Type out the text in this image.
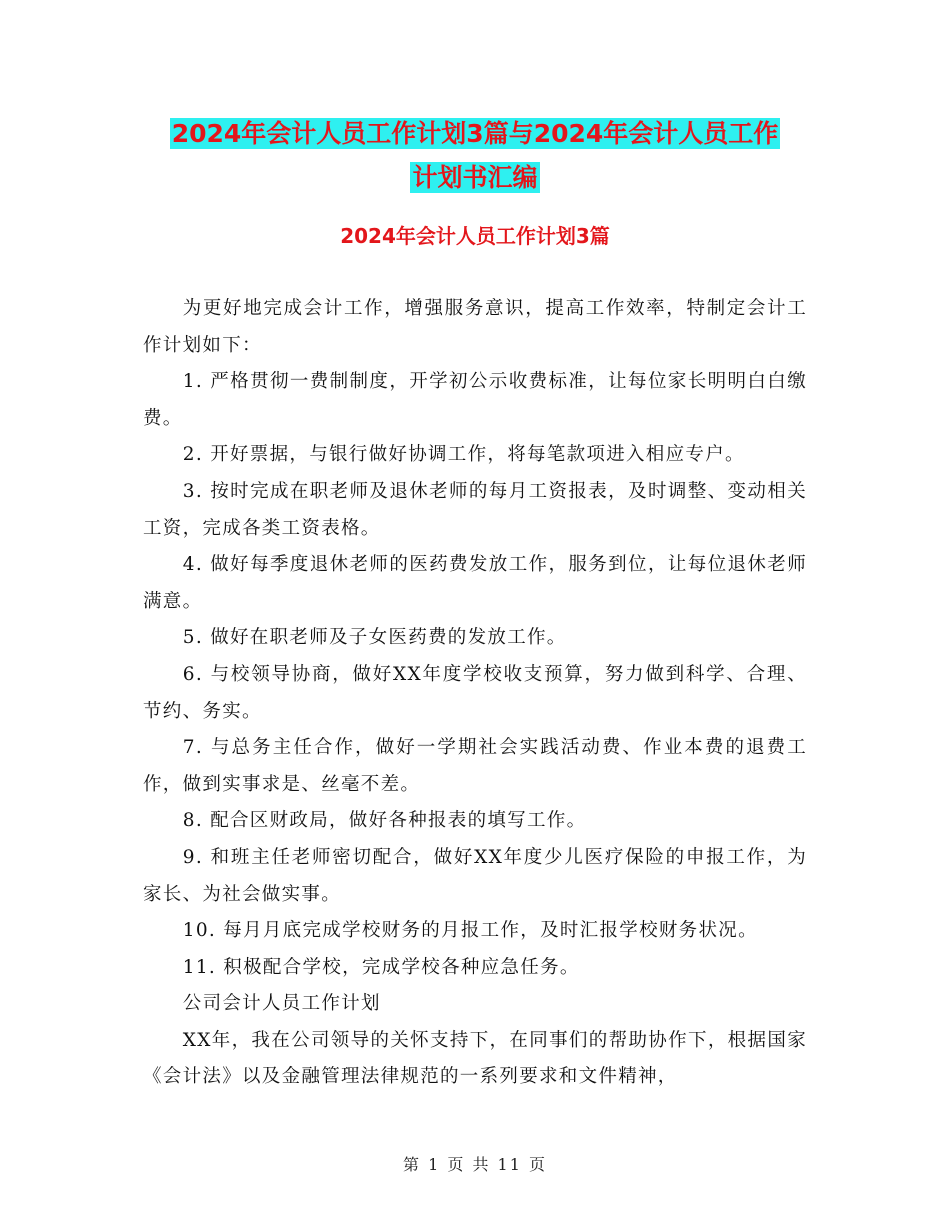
2024年会计人员工作计划3篇与2024年会计人员工作
计划书汇编
2024年会计人员工作计划3篇

为更好地完成会计工作，增强服务意识，提高工作效率，特制定会计工作计划如下：

1. 严格贯彻一费制制度，开学初公示收费标准，让每位家长明明白白缴费。

2. 开好票据，与银行做好协调工作，将每笔款项进入相应专户。

3. 按时完成在职老师及退休老师的每月工资报表，及时调整、变动相关工资，完成各类工资表格。

4. 做好每季度退休老师的医药费发放工作，服务到位，让每位退休老师满意。

5. 做好在职老师及子女医药费的发放工作。

6. 与校领导协商，做好XX年度学校收支预算，努力做到科学、合理、节约、务实。

7. 与总务主任合作，做好一学期社会实践活动费、作业本费的退费工作，做到实事求是、丝毫不差。

8. 配合区财政局，做好各种报表的填写工作。

9. 和班主任老师密切配合，做好XX年度少儿医疗保险的申报工作，为家长、为社会做实事。

10. 每月月底完成学校财务的月报工作，及时汇报学校财务状况。

11. 积极配合学校，完成学校各种应急任务。

公司会计人员工作计划

XX年，我在公司领导的关怀支持下，在同事们的帮助协作下，根据国家《会计法》以及金融管理法律规范的一系列要求和文件精神，

第 1 页 共 11 页
